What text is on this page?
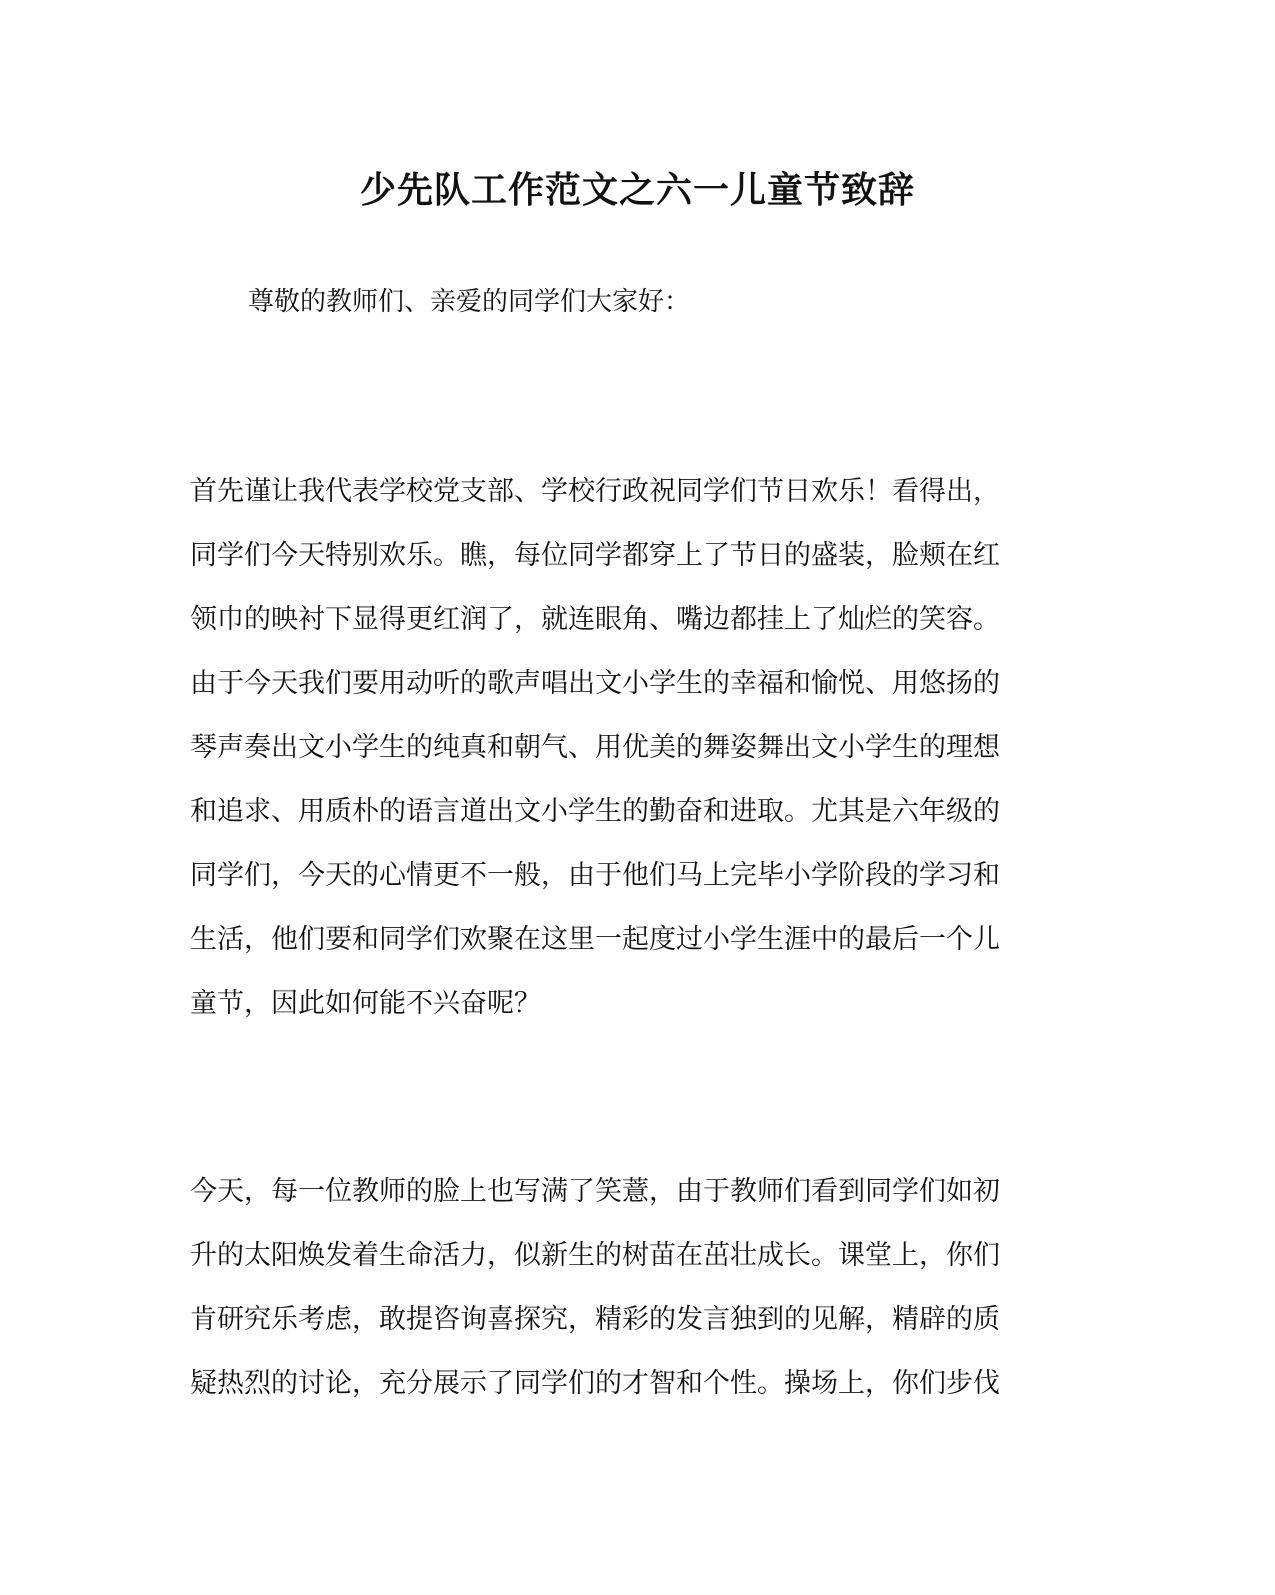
少先队工作范文之六一儿童节致辞

尊敬的教师们、亲爱的同学们大家好：

首先谨让我代表学校党支部、学校行政祝同学们节日欢乐！看得出，
同学们今天特别欢乐。瞧，每位同学都穿上了节日的盛装，脸颊在红
领巾的映衬下显得更红润了，就连眼角、嘴边都挂上了灿烂的笑容。
由于今天我们要用动听的歌声唱出文小学生的幸福和愉悦、用悠扬的
琴声奏出文小学生的纯真和朝气、用优美的舞姿舞出文小学生的理想
和追求、用质朴的语言道出文小学生的勤奋和进取。尤其是六年级的
同学们，今天的心情更不一般，由于他们马上完毕小学阶段的学习和
生活，他们要和同学们欢聚在这里一起度过小学生涯中的最后一个儿
童节，因此如何能不兴奋呢？
今天，每一位教师的脸上也写满了笑薏，由于教师们看到同学们如初
升的太阳焕发着生命活力，似新生的树苗在茁壮成长。课堂上，你们
肯研究乐考虑，敢提咨询喜探究，精彩的发言独到的见解，精辟的质
疑热烈的讨论，充分展示了同学们的才智和个性。操场上，你们步伐
